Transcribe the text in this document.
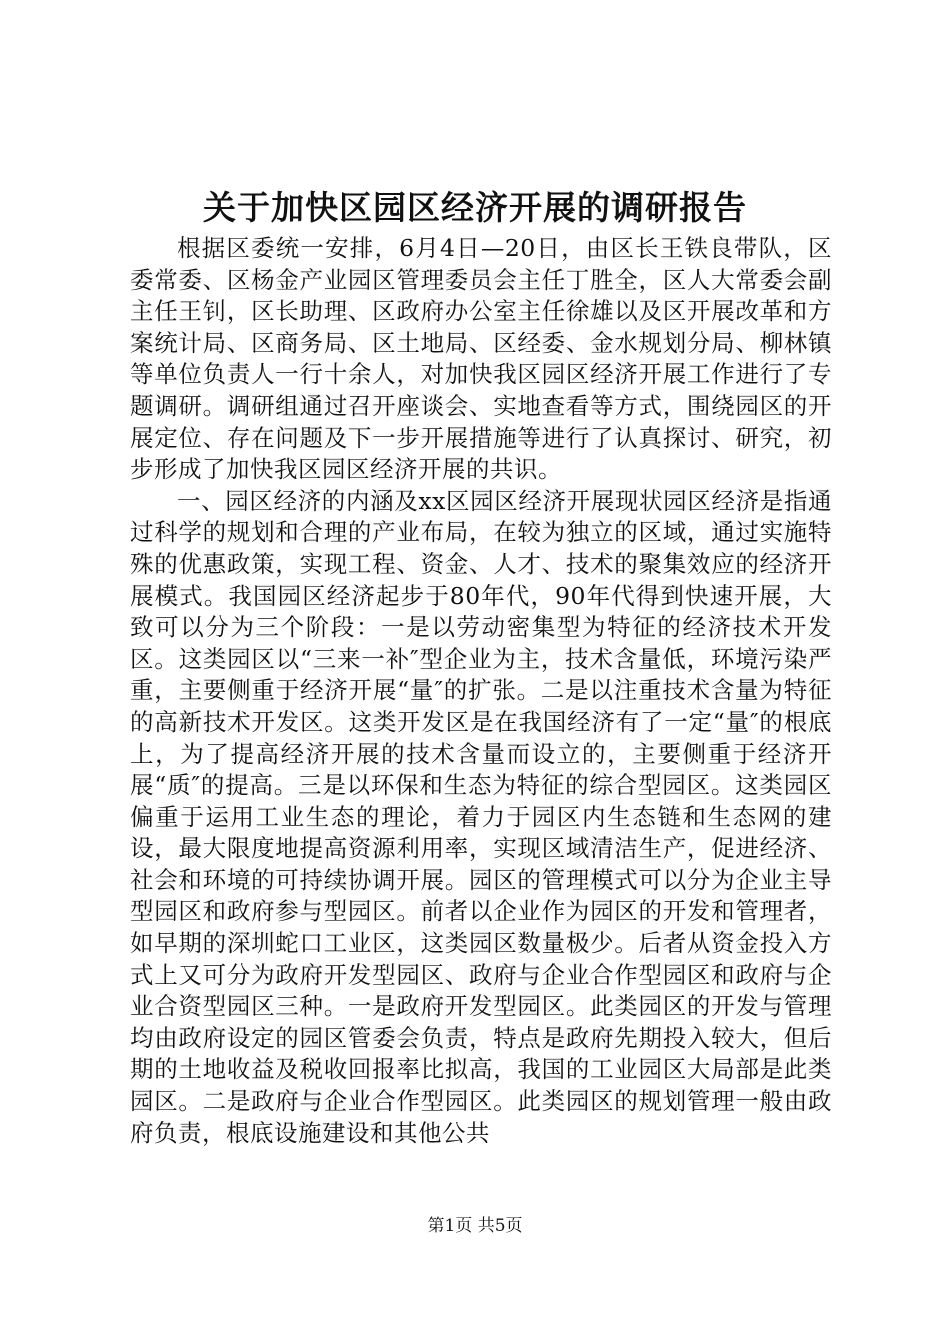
关于加快区园区经济开展的调研报告

根据区委统一安排，6月4日—20日，由区长王铁良带队，区委常委、区杨金产业园区管理委员会主任丁胜全，区人大常委会副主任王钊，区长助理、区政府办公室主任徐雄以及区开展改革和方案统计局、区商务局、区土地局、区经委、金水规划分局、柳林镇等单位负责人一行十余人，对加快我区园区经济开展工作进行了专题调研。调研组通过召开座谈会、实地查看等方式，围绕园区的开展定位、存在问题及下一步开展措施等进行了认真探讨、研究，初步形成了加快我区园区经济开展的共识。

一、园区经济的内涵及xx区园区经济开展现状园区经济是指通过科学的规划和合理的产业布局，在较为独立的区域，通过实施特殊的优惠政策，实现工程、资金、人才、技术的聚集效应的经济开展模式。我国园区经济起步于80年代，90年代得到快速开展，大致可以分为三个阶段：一是以劳动密集型为特征的经济技术开发区。这类园区以“三来一补″型企业为主，技术含量低，环境污染严重，主要侧重于经济开展“量″的扩张。二是以注重技术含量为特征的高新技术开发区。这类开发区是在我国经济有了一定“量″的根底上，为了提高经济开展的技术含量而设立的，主要侧重于经济开展“质″的提高。三是以环保和生态为特征的综合型园区。这类园区偏重于运用工业生态的理论，着力于园区内生态链和生态网的建设，最大限度地提高资源利用率，实现区域清洁生产，促进经济、社会和环境的可持续协调开展。园区的管理模式可以分为企业主导型园区和政府参与型园区。前者以企业作为园区的开发和管理者，如早期的深圳蛇口工业区，这类园区数量极少。后者从资金投入方式上又可分为政府开发型园区、政府与企业合作型园区和政府与企业合资型园区三种。一是政府开发型园区。此类园区的开发与管理均由政府设定的园区管委会负责，特点是政府先期投入较大，但后期的土地收益及税收回报率比拟高，我国的工业园区大局部是此类园区。二是政府与企业合作型园区。此类园区的规划管理一般由政府负责，根底设施建设和其他公共

第1页 共5页
